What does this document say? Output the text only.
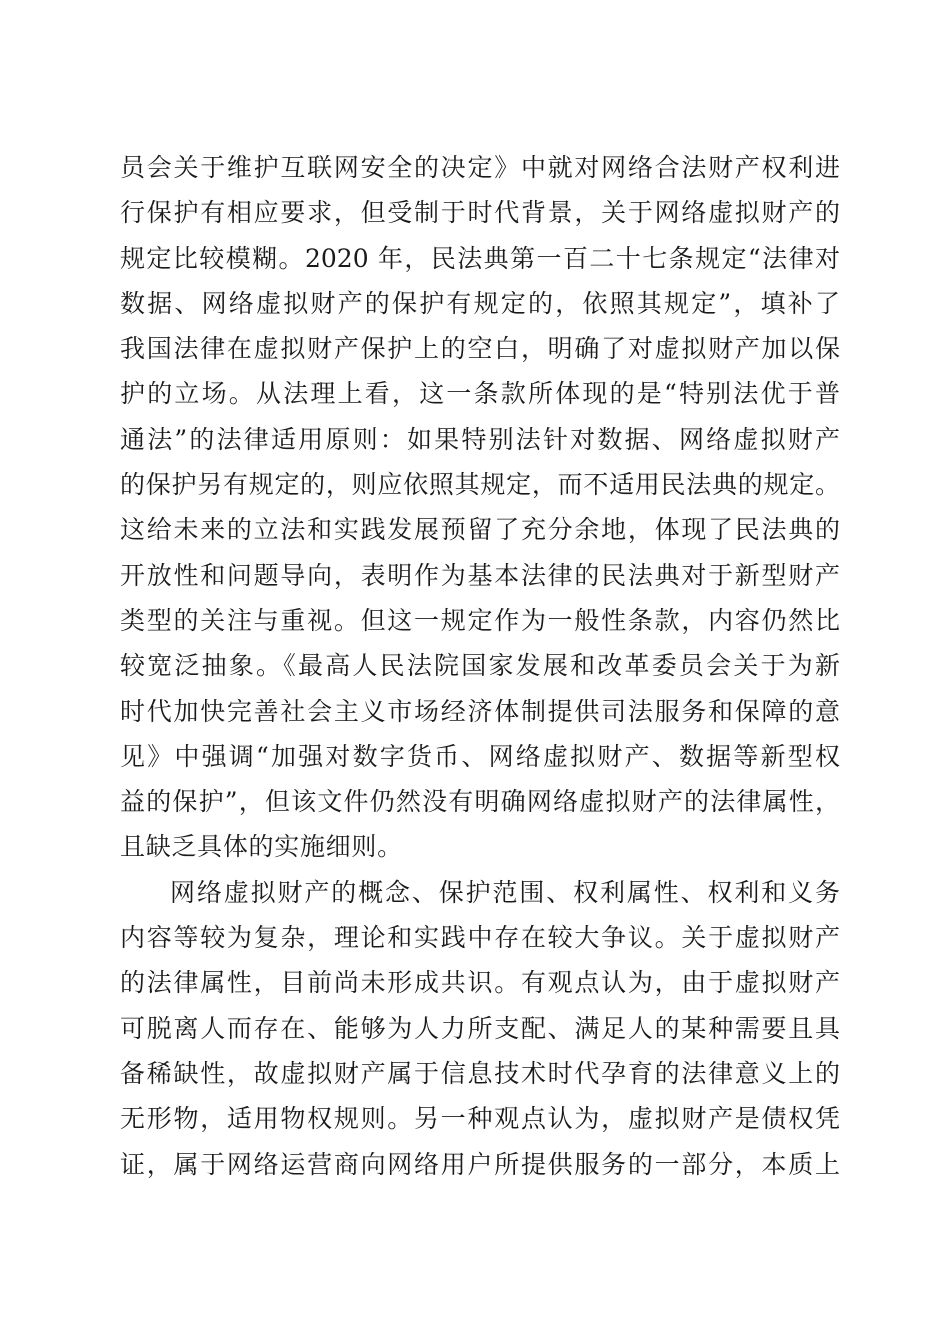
员会关于维护互联网安全的决定》中就对网络合法财产权利进
行保护有相应要求，但受制于时代背景，关于网络虚拟财产的
规定比较模糊。2020 年，民法典第一百二十七条规定“法律对
数据、网络虚拟财产的保护有规定的，依照其规定”，填补了
我国法律在虚拟财产保护上的空白，明确了对虚拟财产加以保
护的立场。从法理上看，这一条款所体现的是“特别法优于普
通法”的法律适用原则：如果特别法针对数据、网络虚拟财产
的保护另有规定的，则应依照其规定，而不适用民法典的规定。
这给未来的立法和实践发展预留了充分余地，体现了民法典的
开放性和问题导向，表明作为基本法律的民法典对于新型财产
类型的关注与重视。但这一规定作为一般性条款，内容仍然比
较宽泛抽象。《最高人民法院国家发展和改革委员会关于为新
时代加快完善社会主义市场经济体制提供司法服务和保障的意
见》中强调“加强对数字货币、网络虚拟财产、数据等新型权
益的保护”，但该文件仍然没有明确网络虚拟财产的法律属性，
且缺乏具体的实施细则。
网络虚拟财产的概念、保护范围、权利属性、权利和义务
内容等较为复杂，理论和实践中存在较大争议。关于虚拟财产
的法律属性，目前尚未形成共识。有观点认为，由于虚拟财产
可脱离人而存在、能够为人力所支配、满足人的某种需要且具
备稀缺性，故虚拟财产属于信息技术时代孕育的法律意义上的
无形物，适用物权规则。另一种观点认为，虚拟财产是债权凭
证，属于网络运营商向网络用户所提供服务的一部分，本质上
